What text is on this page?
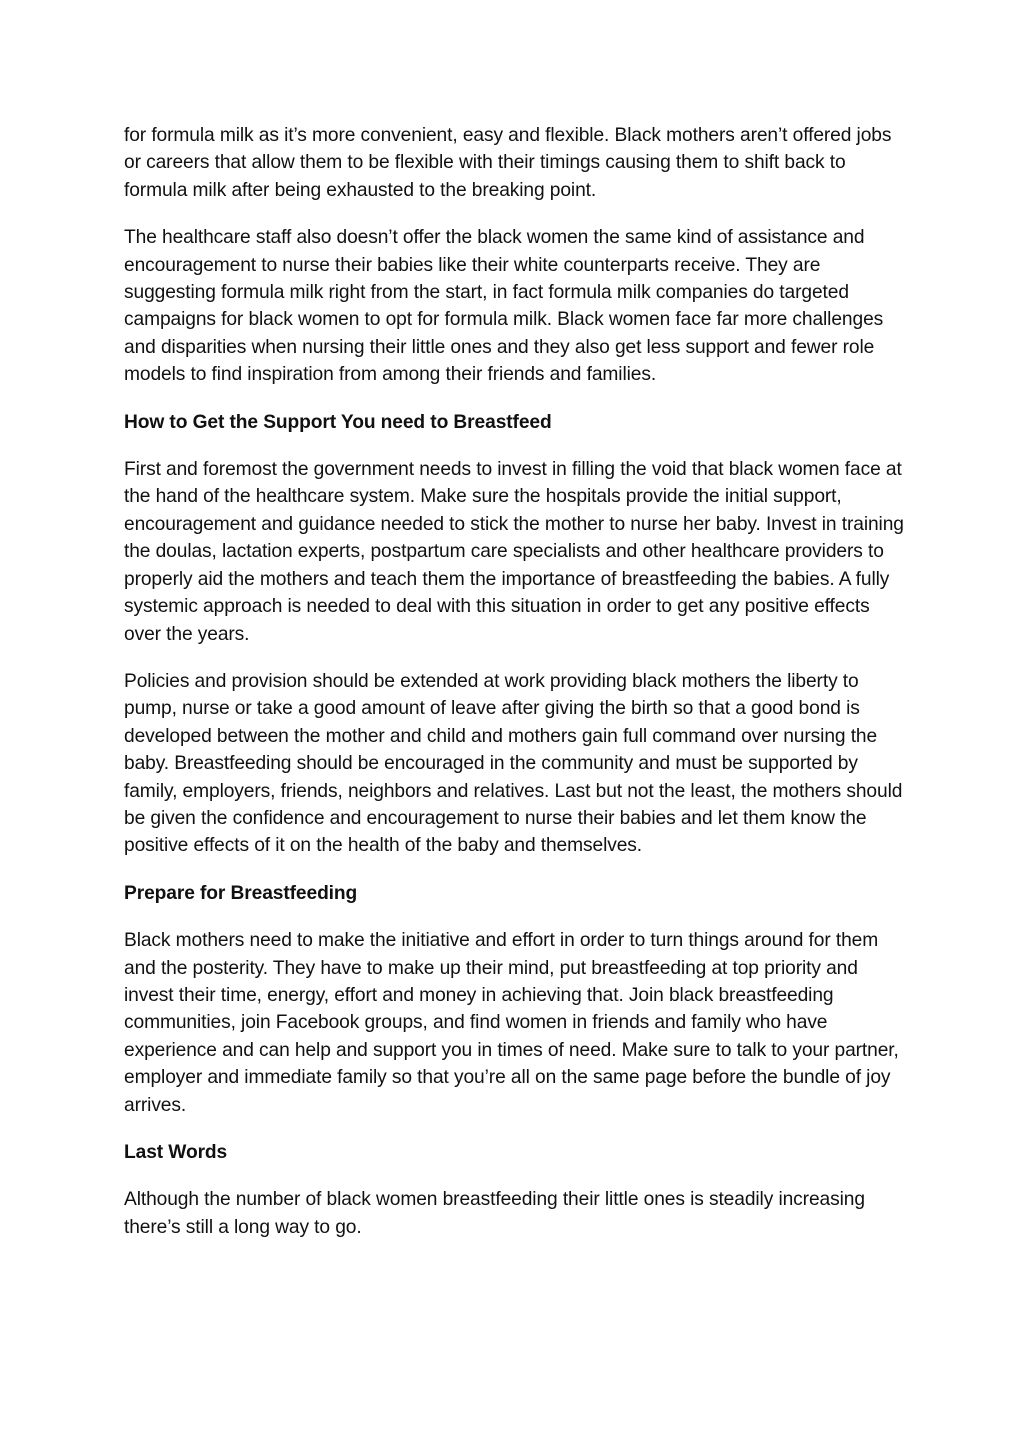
for formula milk as it’s more convenient, easy and flexible. Black mothers aren’t offered jobs or careers that allow them to be flexible with their timings causing them to shift back to formula milk after being exhausted to the breaking point.

The healthcare staff also doesn’t offer the black women the same kind of assistance and encouragement to nurse their babies like their white counterparts receive. They are suggesting formula milk right from the start, in fact formula milk companies do targeted campaigns for black women to opt for formula milk. Black women face far more challenges and disparities when nursing their little ones and they also get less support and fewer role models to find inspiration from among their friends and families.

How to Get the Support You need to Breastfeed

First and foremost the government needs to invest in filling the void that black women face at the hand of the healthcare system. Make sure the hospitals provide the initial support, encouragement and guidance needed to stick the mother to nurse her baby. Invest in training the doulas, lactation experts, postpartum care specialists and other healthcare providers to properly aid the mothers and teach them the importance of breastfeeding the babies. A fully systemic approach is needed to deal with this situation in order to get any positive effects over the years.

Policies and provision should be extended at work providing black mothers the liberty to pump, nurse or take a good amount of leave after giving the birth so that a good bond is developed between the mother and child and mothers gain full command over nursing the baby. Breastfeeding should be encouraged in the community and must be supported by family, employers, friends, neighbors and relatives. Last but not the least, the mothers should be given the confidence and encouragement to nurse their babies and let them know the positive effects of it on the health of the baby and themselves.

Prepare for Breastfeeding

Black mothers need to make the initiative and effort in order to turn things around for them and the posterity. They have to make up their mind, put breastfeeding at top priority and invest their time, energy, effort and money in achieving that. Join black breastfeeding communities, join Facebook groups, and find women in friends and family who have experience and can help and support you in times of need. Make sure to talk to your partner, employer and immediate family so that you’re all on the same page before the bundle of joy arrives.

Last Words

Although the number of black women breastfeeding their little ones is steadily increasing there’s still a long way to go.
